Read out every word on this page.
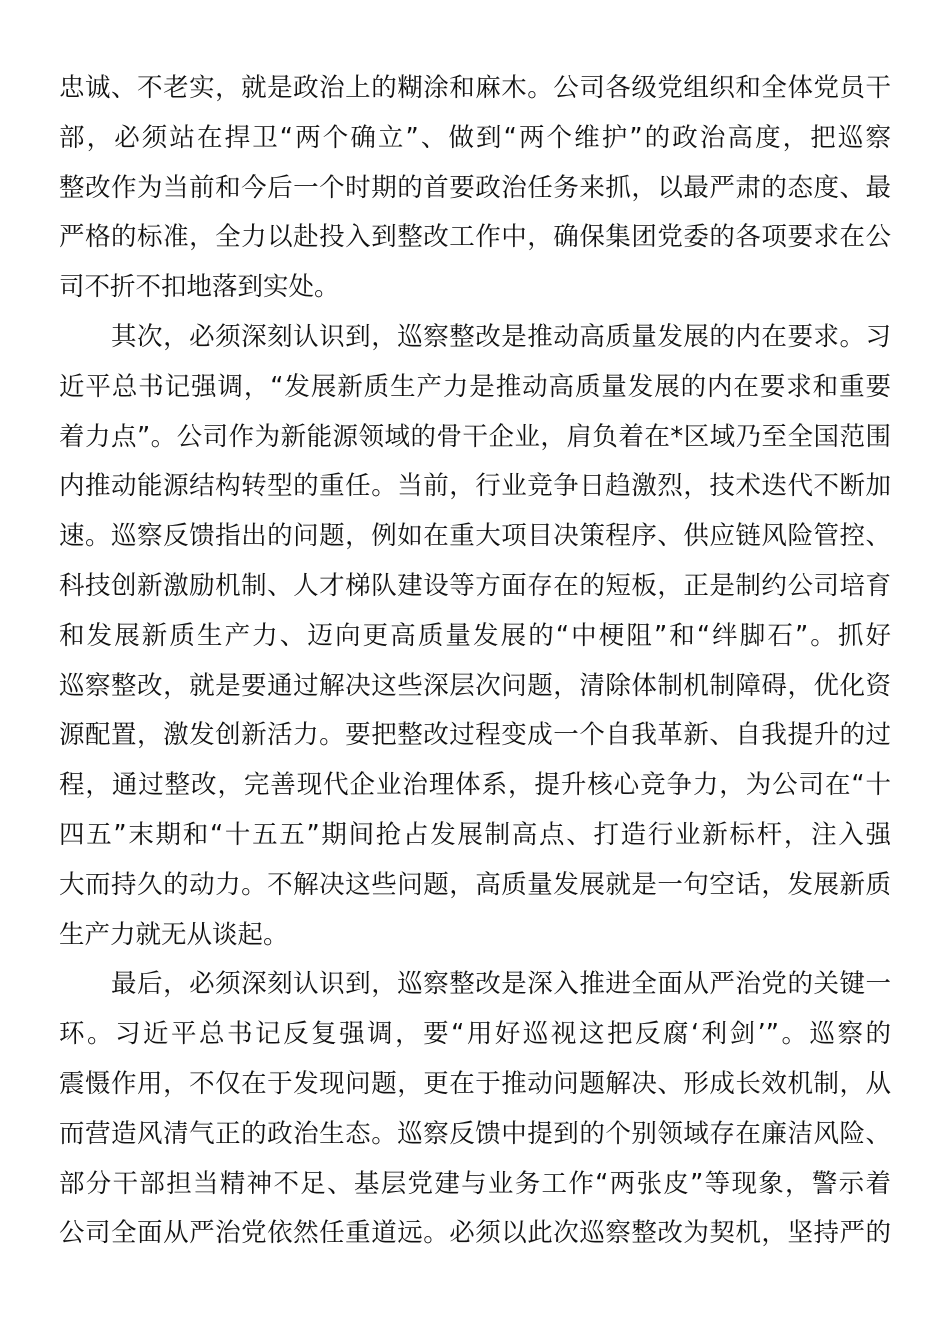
忠诚、不老实，就是政治上的糊涂和麻木。公司各级党组织和全体党员干
部，必须站在捍卫“两个确立”、做到“两个维护”的政治高度，把巡察
整改作为当前和今后一个时期的首要政治任务来抓，以最严肃的态度、最
严格的标准，全力以赴投入到整改工作中，确保集团党委的各项要求在公
司不折不扣地落到实处。
　　其次，必须深刻认识到，巡察整改是推动高质量发展的内在要求。习
近平总书记强调，“发展新质生产力是推动高质量发展的内在要求和重要
着力点”。公司作为新能源领域的骨干企业，肩负着在*区域乃至全国范围
内推动能源结构转型的重任。当前，行业竞争日趋激烈，技术迭代不断加
速。巡察反馈指出的问题，例如在重大项目决策程序、供应链风险管控、
科技创新激励机制、人才梯队建设等方面存在的短板，正是制约公司培育
和发展新质生产力、迈向更高质量发展的“中梗阻”和“绊脚石”。抓好
巡察整改，就是要通过解决这些深层次问题，清除体制机制障碍，优化资
源配置，激发创新活力。要把整改过程变成一个自我革新、自我提升的过
程，通过整改，完善现代企业治理体系，提升核心竞争力，为公司在“十
四五”末期和“十五五”期间抢占发展制高点、打造行业新标杆，注入强
大而持久的动力。不解决这些问题，高质量发展就是一句空话，发展新质
生产力就无从谈起。
　　最后，必须深刻认识到，巡察整改是深入推进全面从严治党的关键一
环。习近平总书记反复强调，要“用好巡视这把反腐‘利剑’”。巡察的
震慑作用，不仅在于发现问题，更在于推动问题解决、形成长效机制，从
而营造风清气正的政治生态。巡察反馈中提到的个别领域存在廉洁风险、
部分干部担当精神不足、基层党建与业务工作“两张皮”等现象，警示着
公司全面从严治党依然任重道远。必须以此次巡察整改为契机，坚持严的
